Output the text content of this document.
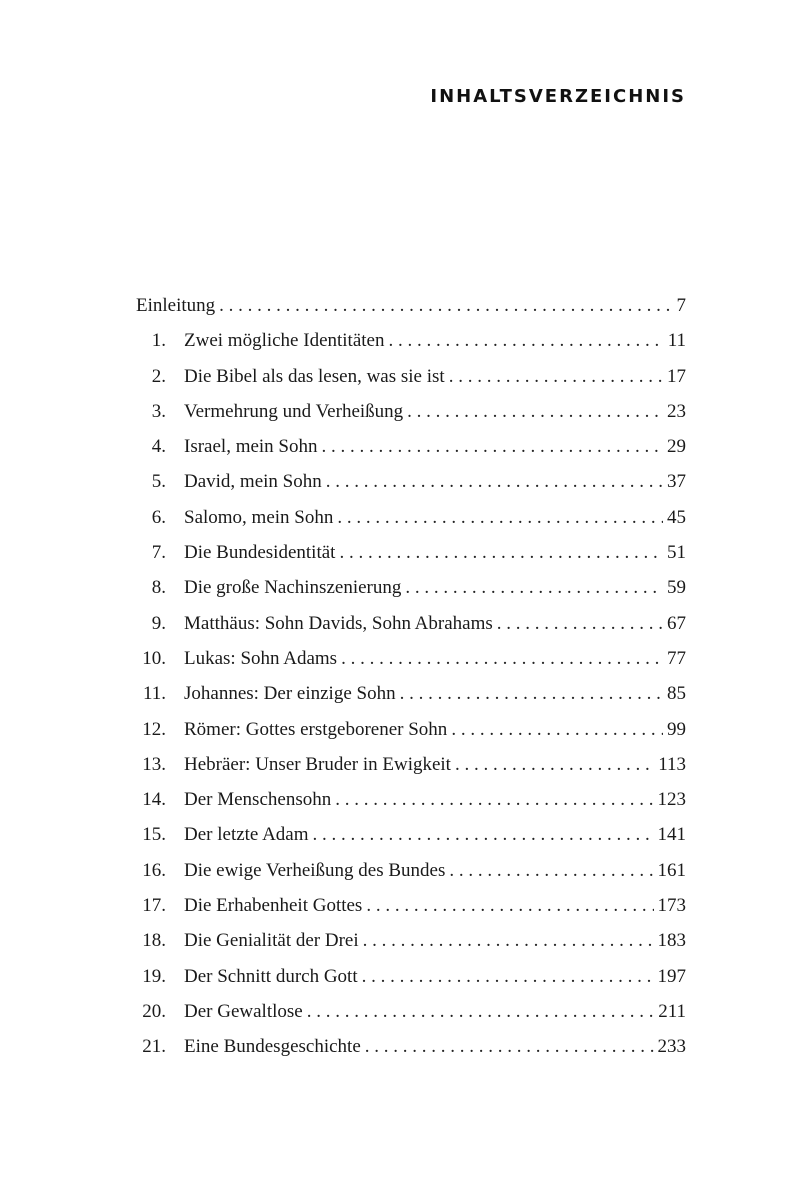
INHALTSVERZEICHNIS
Einleitung . . .	7
1. Zwei mögliche Identitäten . . .	11
2. Die Bibel als das lesen, was sie ist . . .	17
3. Vermehrung und Verheißung . . .	23
4. Israel, mein Sohn . . .	29
5. David, mein Sohn . . .	37
6. Salomo, mein Sohn . . .	45
7. Die Bundesidentität . . .	51
8. Die große Nachinszenierung . . .	59
9. Matthäus: Sohn Davids, Sohn Abrahams . . .	67
10. Lukas: Sohn Adams . . .	77
11. Johannes: Der einzige Sohn . . .	85
12. Römer: Gottes erstgeborener Sohn . . .	99
13. Hebräer: Unser Bruder in Ewigkeit . . .	113
14. Der Menschensohn . . .	123
15. Der letzte Adam . . .	141
16. Die ewige Verheißung des Bundes . . .	161
17. Die Erhabenheit Gottes . . .	173
18. Die Genialität der Drei . . .	183
19. Der Schnitt durch Gott . . .	197
20. Der Gewaltlose . . .	211
21. Eine Bundesgeschichte . . .	233
